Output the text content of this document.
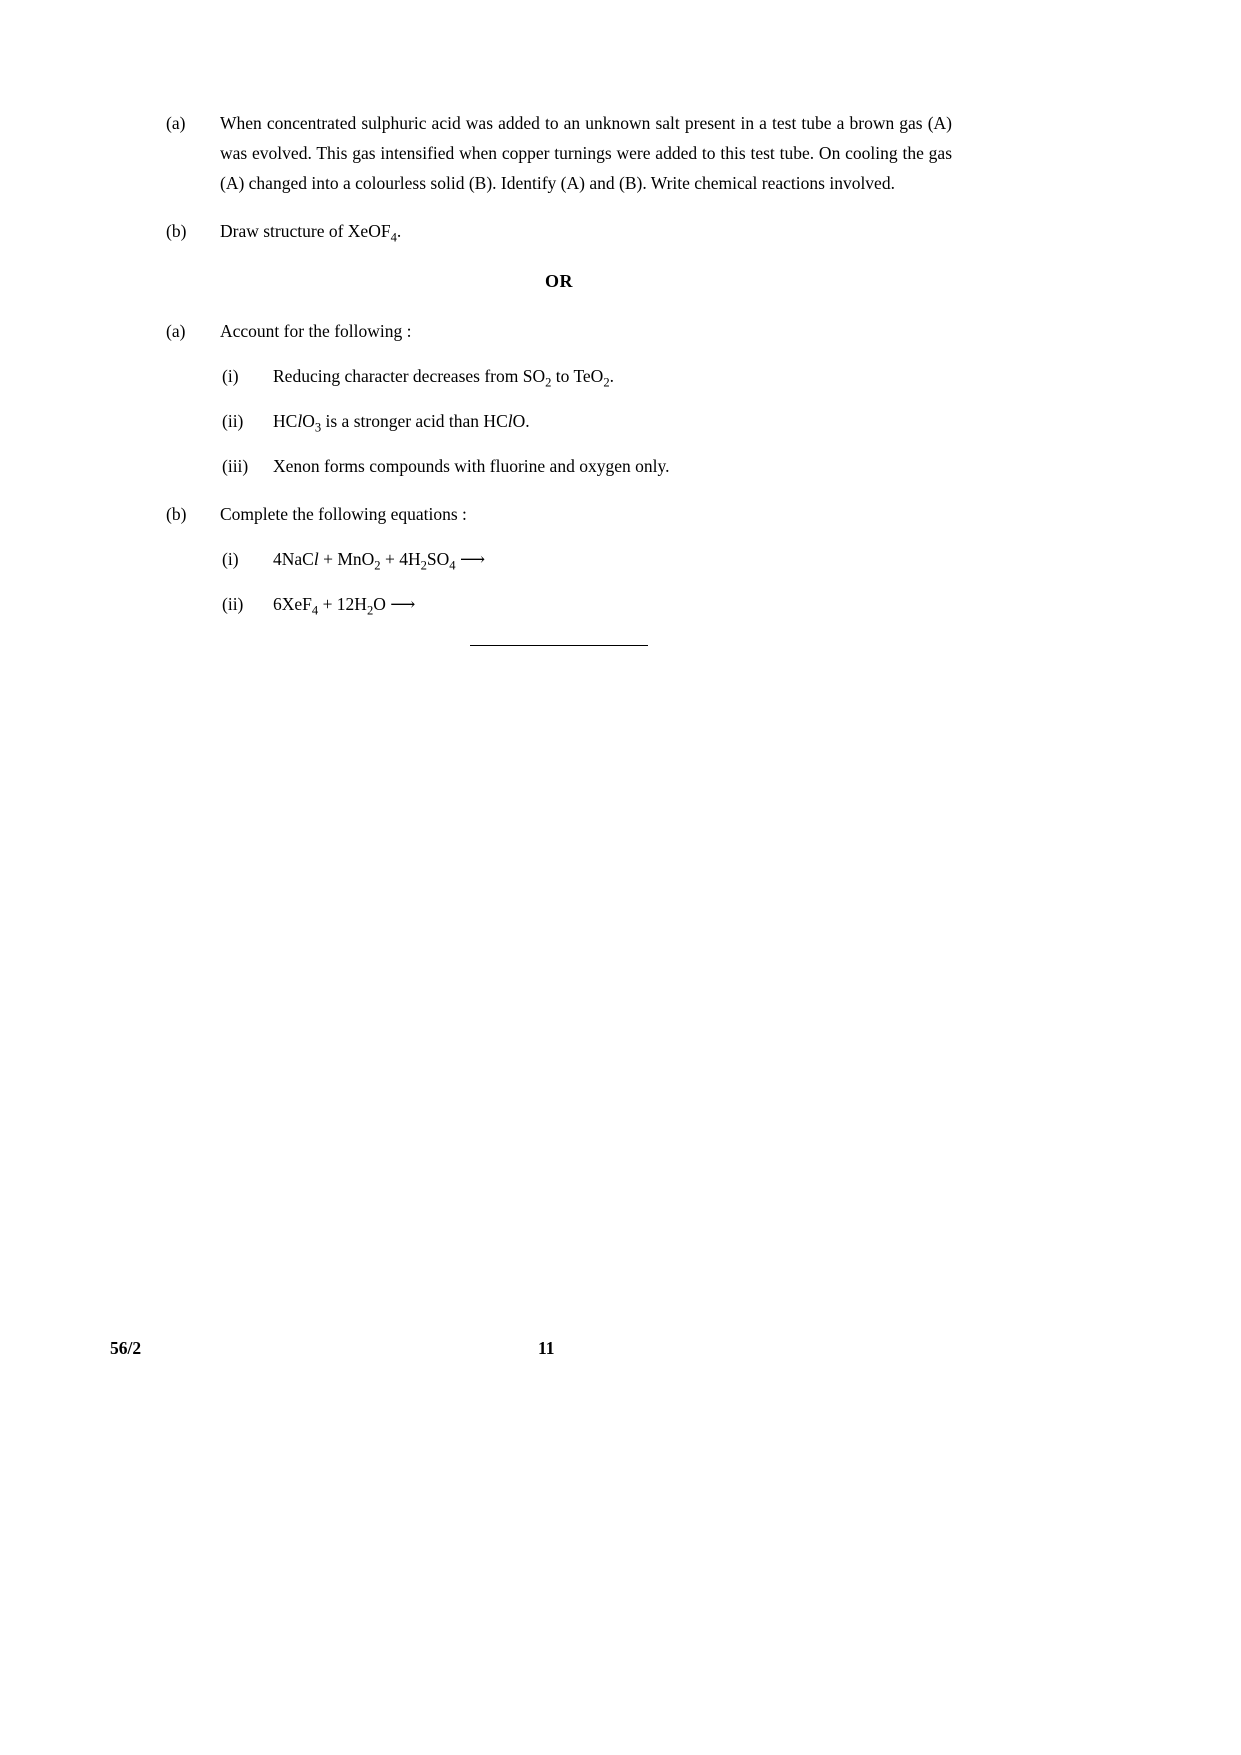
(a)	When concentrated sulphuric acid was added to an unknown salt present in a test tube a brown gas (A) was evolved. This gas intensified when copper turnings were added to this test tube. On cooling the gas (A) changed into a colourless solid (B). Identify (A) and (B). Write chemical reactions involved.

(b)	Draw structure of XeOF$_4$.

OR
(a)	Account for the following :

(i)	Reducing character decreases from $SO_2$ to TeO$_2$.

(ii)	HClO$_3$ is a stronger acid than HClO.

(iii)	Xenon forms compounds with fluorine and oxygen only.

(b)	Complete the following equations :

(i)	4NaCl + $MnO_2 + 4H_2SO_4$ ⟶

(ii)	$6XeF_4 + 12H_2O$ ⟶

56/2	11
